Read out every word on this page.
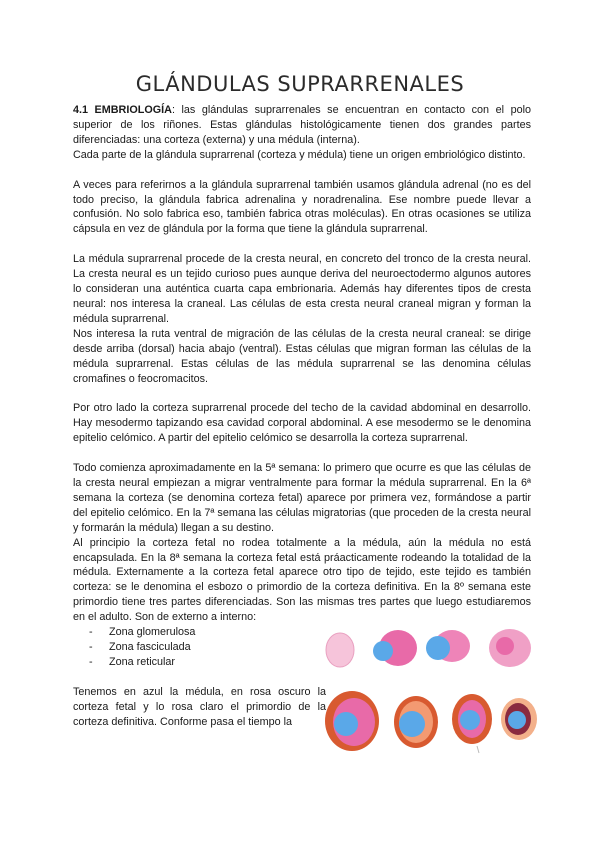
GLÁNDULAS SUPRARRENALES

4.1 EMBRIOLOGÍA: las glándulas suprarrenales se encuentran en contacto con el polo superior de los riñones. Estas glándulas histológicamente tienen dos grandes partes diferenciadas: una corteza (externa) y una médula (interna).

Cada parte de la glándula suprarrenal (corteza y médula) tiene un origen embriológico distinto.

A veces para referirnos a la glándula suprarrenal también usamos glándula adrenal (no es del todo preciso, la glándula fabrica adrenalina y noradrenalina. Ese nombre puede llevar a confusión. No solo fabrica eso, también fabrica otras moléculas). En otras ocasiones se utiliza cápsula en vez de glándula por la forma que tiene la glándula suprarrenal.

La médula suprarrenal procede de la cresta neural, en concreto del tronco de la cresta neural. La cresta neural es un tejido curioso pues aunque deriva del neuroectodermo algunos autores lo consideran una auténtica cuarta capa embrionaria. Además hay diferentes tipos de cresta neural: nos interesa la craneal. Las células de esta cresta neural craneal migran y forman la médula suprarrenal.

Nos interesa la ruta ventral de migración de las células de la cresta neural craneal: se dirige desde arriba (dorsal) hacia abajo (ventral). Estas células que migran forman las células de la médula suprarrenal. Estas células de las médula suprarrenal se las denomina células cromafines o feocromacitos.

Por otro lado la corteza suprarrenal procede del techo de la cavidad abdominal en desarrollo. Hay mesodermo tapizando esa cavidad corporal abdominal. A ese mesodermo se le denomina epitelio celómico. A partir del epitelio celómico se desarrolla la corteza suprarrenal.

Todo comienza aproximadamente en la 5ª semana: lo primero que ocurre es que las células de la cresta neural empiezan a migrar ventralmente para formar la médula suprarrenal. En la 6ª semana la corteza (se denomina corteza fetal) aparece por primera vez, formándose a partir del epitelio celómico. En la 7ª semana las células migratorias (que proceden de la cresta neural y formarán la médula) llegan a su destino.

Al principio la corteza fetal no rodea totalmente a la médula, aún la médula no está encapsulada. En la 8ª semana la corteza fetal está práacticamente rodeando la totalidad de la médula. Externamente a la corteza fetal aparece otro tipo de tejido, este tejido es también corteza: se le denomina el esbozo o primordio de la corteza definitiva. En la 8º semana este primordio tiene tres partes diferenciadas. Son las mismas tres partes que luego estudiaremos en el adulto. Son de externo a interno:

- Zona glomerulosa
- Zona fasciculada
- Zona reticular

Tenemos en azul la médula, en rosa oscuro la corteza fetal y lo rosa claro el primordio de la corteza definitiva. Conforme pasa el tiempo la
